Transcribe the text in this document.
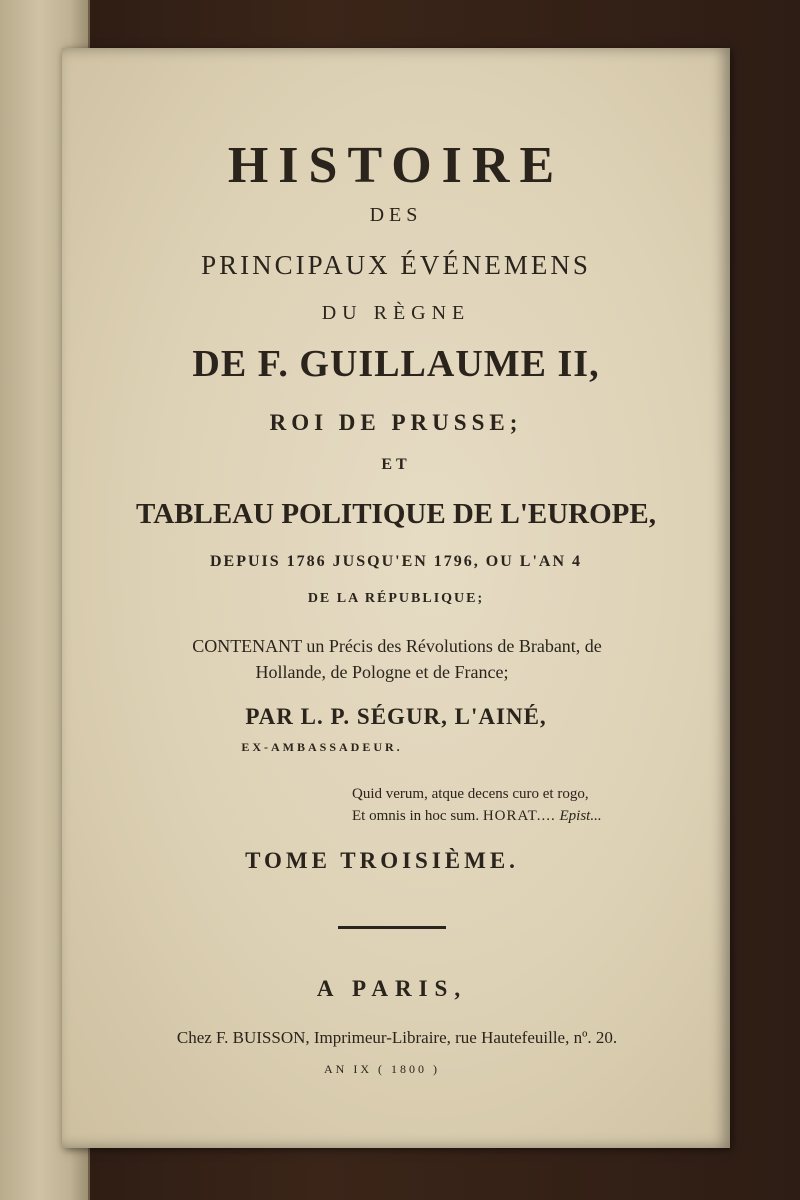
HISTOIRE
DES
PRINCIPAUX ÉVÉNEMENS
DU RÈGNE
DE F. GUILLAUME II,
ROI DE PRUSSE;
ET
TABLEAU POLITIQUE DE L'EUROPE,
DEPUIS 1786 JUSQU'EN 1796, OU L'AN 4
DE LA RÉPUBLIQUE;
CONTENANT un Précis des Révolutions de Brabant, de
Hollande, de Pologne et de France;
PAR L. P. SÉGUR, L'AINÉ,
EX-AMBASSADEUR.
Quid verum, atque decens curo et rogo,
Et omnis in hoc sum. HORAT.... Epist...
TOME TROISIÈME.
A PARIS,
Chez F. BUISSON, Imprimeur-Libraire, rue Hautefeuille, nº. 20.
AN IX ( 1800 )
